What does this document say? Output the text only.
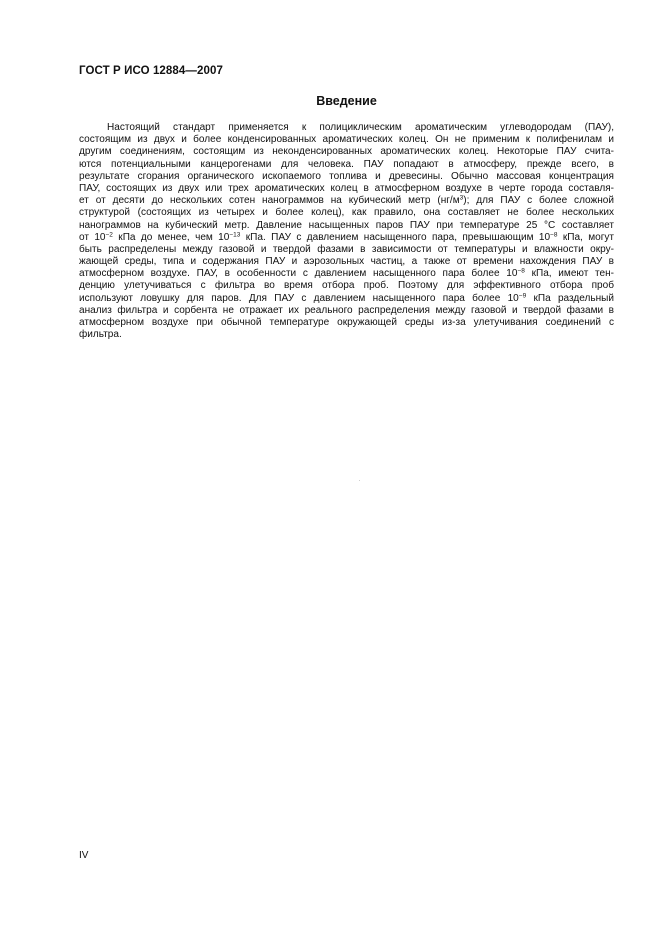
ГОСТ Р ИСО 12884—2007
Введение
Настоящий стандарт применяется к полициклическим ароматическим углеводородам (ПАУ),
состоящим из двух и более конденсированных ароматических колец. Он не применим к полифенилам и
другим соединениям, состоящим из неконденсированных ароматических колец. Некоторые ПАУ счита-
ются потенциальными канцерогенами для человека. ПАУ попадают в атмосферу, прежде всего, в
результате сгорания органического ископаемого топлива и древесины. Обычно массовая концентрация
ПАУ, состоящих из двух или трех ароматических колец в атмосферном воздухе в черте города составля-
ет от десяти до нескольких сотен нанограммов на кубический метр $(нг/м^3)$; для ПАУ с более сложной
структурой (состоящих из четырех и более колец), как правило, она составляет не более нескольких
нанограммов на кубический метр. Давление насыщенных паров ПАУ при температуре 25 °С составляет
от $10^{-2}$ кПа до менее, чем $10^{-13}$ кПа. ПАУ с давлением насыщенного пара, превышающим $10^{-8}$ кПа, могут
быть распределены между газовой и твердой фазами в зависимости от температуры и влажности окру-
жающей среды, типа и содержания ПАУ и аэрозольных частиц, а также от времени нахождения ПАУ в
атмосферном воздухе. ПАУ, в особенности с давлением насыщенного пара более $10^{-8}$ кПа, имеют тен-
денцию улетучиваться с фильтра во время отбора проб. Поэтому для эффективного отбора проб
используют ловушку для паров. Для ПАУ с давлением насыщенного пара более $10^{-9}$ кПа раздельный
анализ фильтра и сорбента не отражает их реального распределения между газовой и твердой фазами в
атмосферном воздухе при обычной температуре окружающей среды из-за улетучивания соединений с
фильтра.
IV
